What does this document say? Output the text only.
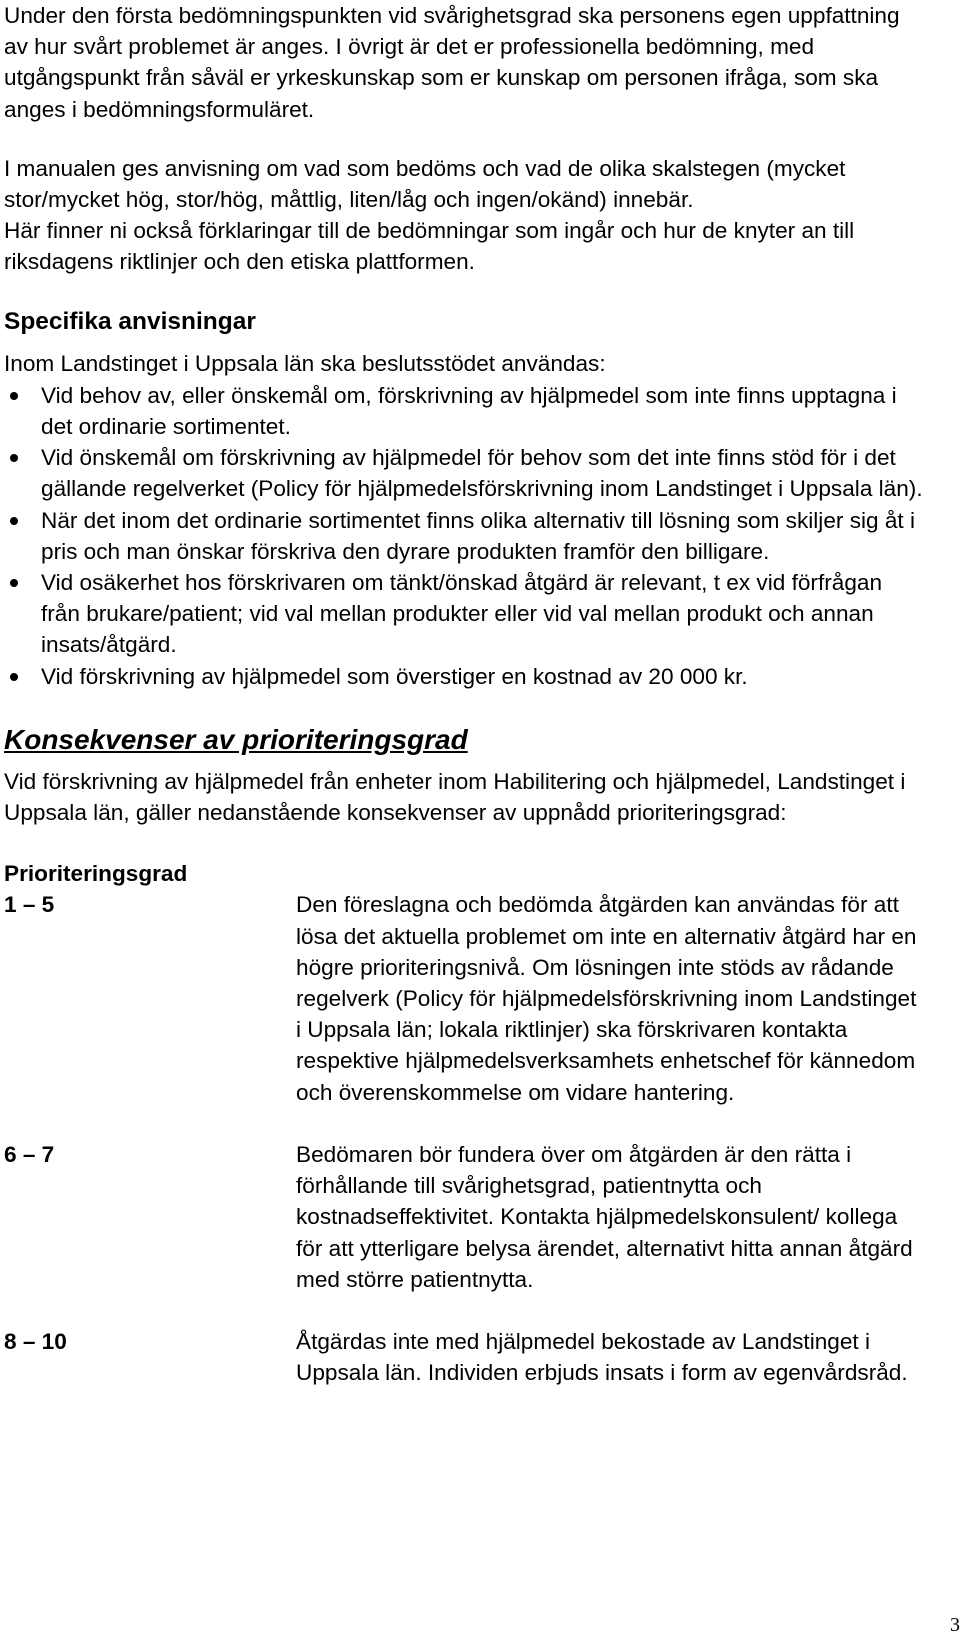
Under den första bedömningspunkten vid svårighetsgrad ska personens egen uppfattning av hur svårt problemet är anges. I övrigt är det er professionella bedömning, med utgångspunkt från såväl er yrkeskunskap som er kunskap om personen ifråga, som ska anges i bedömningsformuläret.

I manualen ges anvisning om vad som bedöms och vad de olika skalstegen (mycket stor/mycket hög, stor/hög, måttlig, liten/låg och ingen/okänd) innebär.

Här finner ni också förklaringar till de bedömningar som ingår och hur de knyter an till riksdagens riktlinjer och den etiska plattformen.

Specifika anvisningar

Inom Landstinget i Uppsala län ska beslutsstödet användas:

Vid behov av, eller önskemål om, förskrivning av hjälpmedel som inte finns upptagna i det ordinarie sortimentet.
Vid önskemål om förskrivning av hjälpmedel för behov som det inte finns stöd för i det gällande regelverket (Policy för hjälpmedelsförskrivning inom Landstinget i Uppsala län).
När det inom det ordinarie sortimentet finns olika alternativ till lösning som skiljer sig åt i pris och man önskar förskriva den dyrare produkten framför den billigare.
Vid osäkerhet hos förskrivaren om tänkt/önskad åtgärd är relevant, t ex vid förfrågan från brukare/patient; vid val mellan produkter eller vid val mellan produkt och annan insats/åtgärd.
Vid förskrivning av hjälpmedel som överstiger en kostnad av 20 000 kr.
Konsekvenser av prioriteringsgrad

Vid förskrivning av hjälpmedel från enheter inom Habilitering och hjälpmedel, Landstinget i Uppsala län, gäller nedanstående konsekvenser av uppnådd prioriteringsgrad:

Prioriteringsgrad
1 – 5	Den föreslagna och bedömda åtgärden kan användas för att lösa det aktuella problemet om inte en alternativ åtgärd har en högre prioriteringsnivå. Om lösningen inte stöds av rådande regelverk (Policy för hjälpmedelsförskrivning inom Landstinget i Uppsala län; lokala riktlinjer) ska förskrivaren kontakta respektive hjälpmedelsverksamhets enhetschef för kännedom och överenskommelse om vidare hantering.
6 – 7	Bedömaren bör fundera över om åtgärden är den rätta i förhållande till svårighetsgrad, patientnytta och kostnadseffektivitet. Kontakta hjälpmedelskonsulent/ kollega för att ytterligare belysa ärendet, alternativt hitta annan åtgärd med större patientnytta.
8 – 10	Åtgärdas inte med hjälpmedel bekostade av Landstinget i Uppsala län. Individen erbjuds insats i form av egenvårdsråd.
3
